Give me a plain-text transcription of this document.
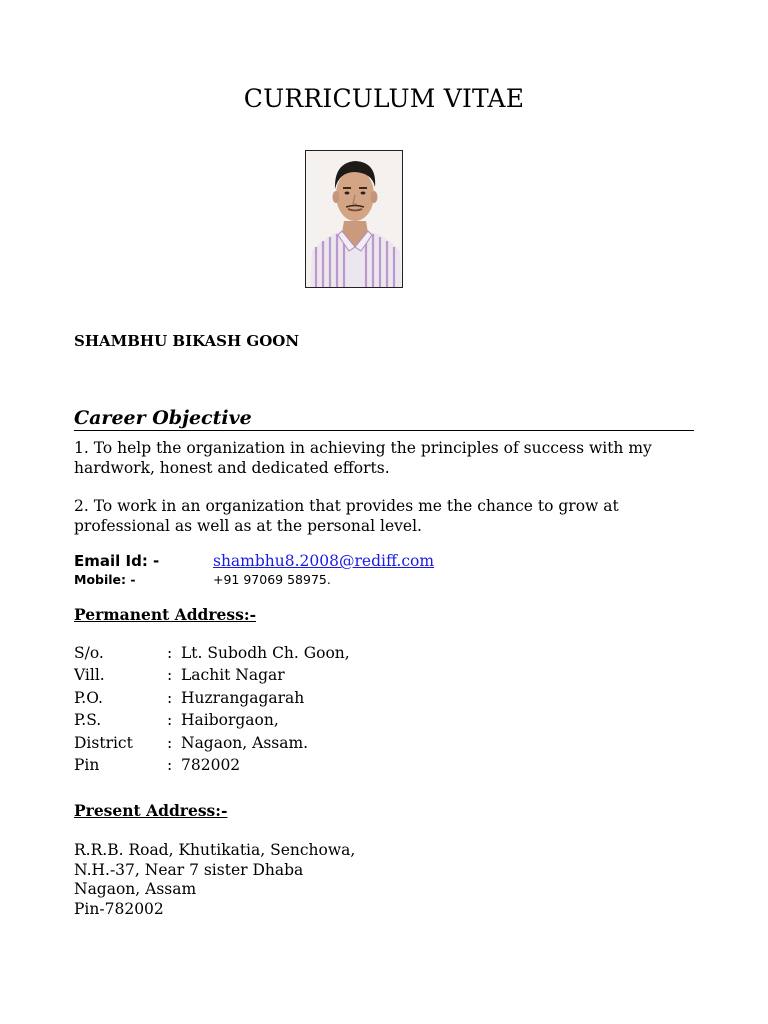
CURRICULUM VITAE
SHAMBHU BIKASH GOON
Career Objective
1. To help the organization in achieving the principles of success with my hardwork, honest and dedicated efforts.
2. To work in an organization that provides me the chance to grow at professional as well as at the personal level.
Email Id: -	shambhu8.2008@rediff.com
Mobile: -	+91 97069 58975.
Permanent Address:-
S/o.	: Lt. Subodh Ch. Goon,
Vill.	: Lachit Nagar
P.O.	: Huzrangagarah
P.S.	: Haiborgaon,
District : Nagaon, Assam.
Pin	: 782002
Present Address:-
R.R.B. Road, Khutikatia, Senchowa,
N.H.-37, Near 7 sister Dhaba
Nagaon, Assam
Pin-782002
